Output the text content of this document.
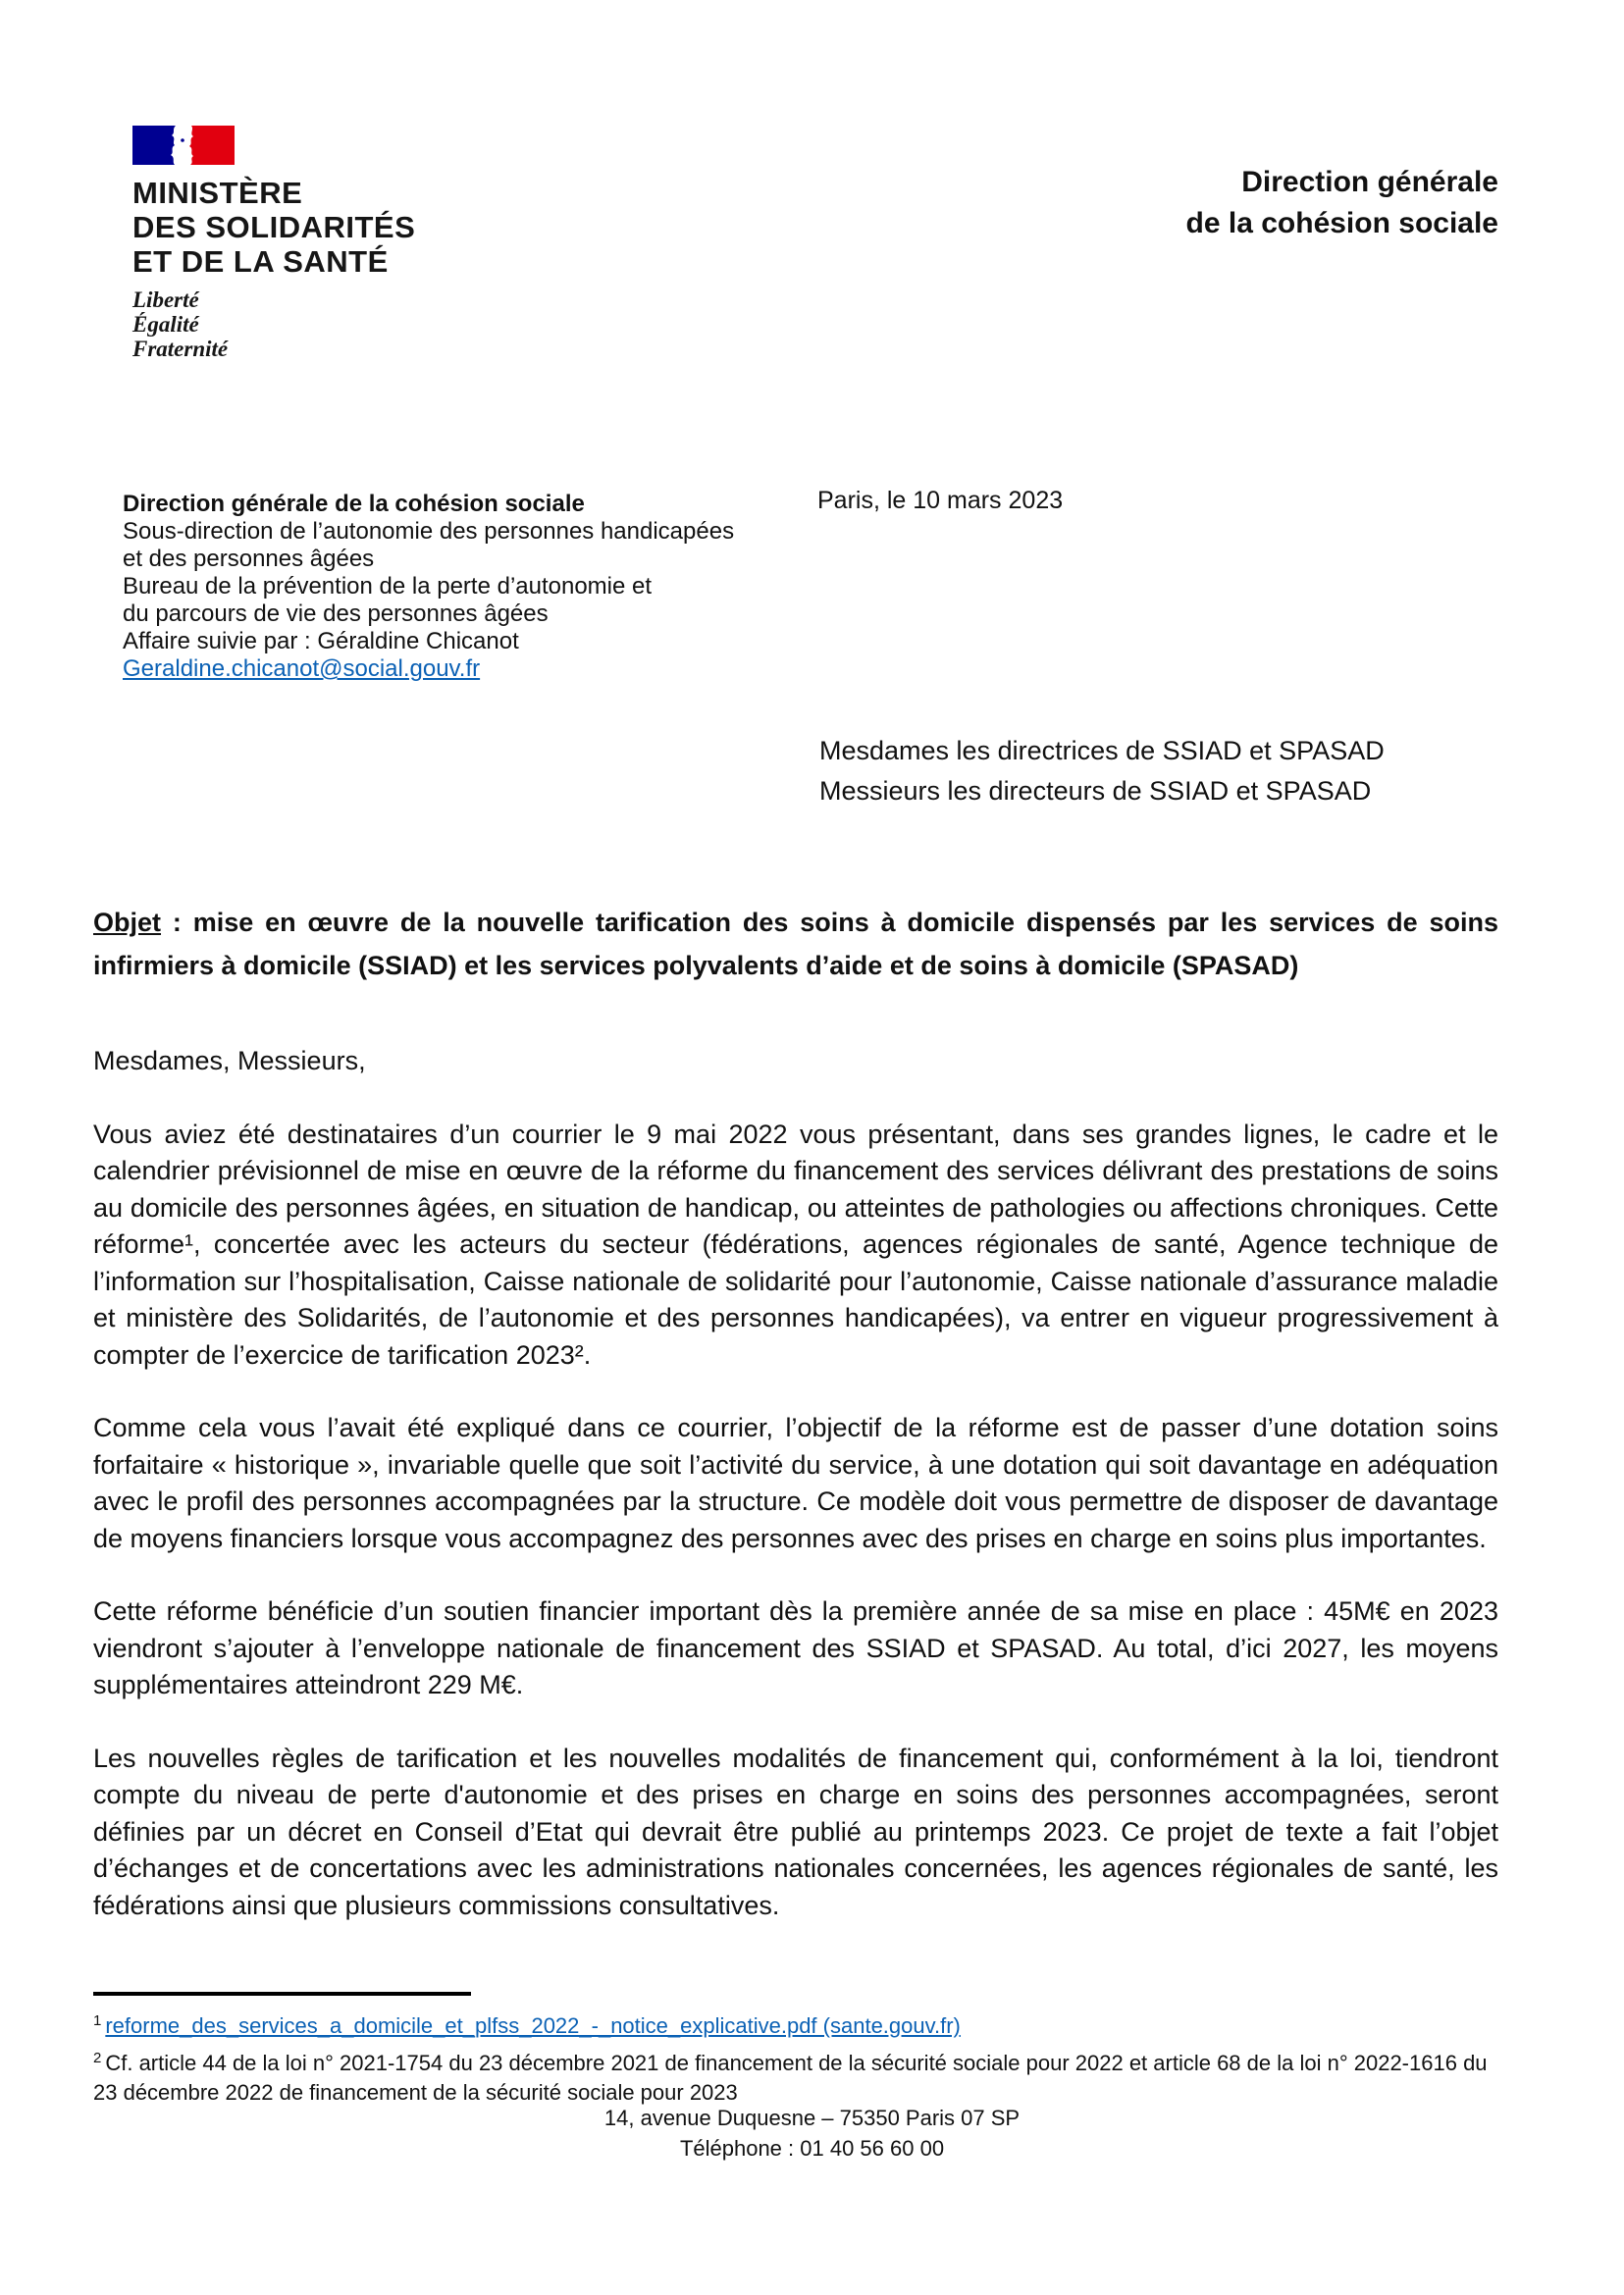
MINISTÈRE
DES SOLIDARITÉS
ET DE LA SANTÉ
Liberté
Égalité
Fraternité
Direction générale
de la cohésion sociale
Direction générale de la cohésion sociale
Sous-direction de l’autonomie des personnes handicapées
et des personnes âgées
Bureau de la prévention de la perte d’autonomie et
du parcours de vie des personnes âgées
Affaire suivie par : Géraldine Chicanot
Geraldine.chicanot@social.gouv.fr
Paris, le 10 mars 2023
Mesdames les directrices de SSIAD et SPASAD
Messieurs les directeurs de SSIAD et SPASAD
Objet : mise en œuvre de la nouvelle tarification des soins à domicile dispensés par les services de soins infirmiers à domicile (SSIAD) et les services polyvalents d’aide et de soins à domicile (SPASAD)

Mesdames, Messieurs,

Vous aviez été destinataires d’un courrier le 9 mai 2022 vous présentant, dans ses grandes lignes, le cadre et le calendrier prévisionnel de mise en œuvre de la réforme du financement des services délivrant des prestations de soins au domicile des personnes âgées, en situation de handicap, ou atteintes de pathologies ou affections chroniques. Cette réforme¹, concertée avec les acteurs du secteur (fédérations, agences régionales de santé, Agence technique de l’information sur l’hospitalisation, Caisse nationale de solidarité pour l’autonomie, Caisse nationale d’assurance maladie et ministère des Solidarités, de l’autonomie et des personnes handicapées), va entrer en vigueur progressivement à compter de l’exercice de tarification 2023².

Comme cela vous l’avait été expliqué dans ce courrier, l’objectif de la réforme est de passer d’une dotation soins forfaitaire « historique », invariable quelle que soit l’activité du service, à une dotation qui soit davantage en adéquation avec le profil des personnes accompagnées par la structure. Ce modèle doit vous permettre de disposer de davantage de moyens financiers lorsque vous accompagnez des personnes avec des prises en charge en soins plus importantes.

Cette réforme bénéficie d’un soutien financier important dès la première année de sa mise en place : 45M€ en 2023 viendront s’ajouter à l’enveloppe nationale de financement des SSIAD et SPASAD. Au total, d’ici 2027, les moyens supplémentaires atteindront 229 M€.

Les nouvelles règles de tarification et les nouvelles modalités de financement qui, conformément à la loi, tiendront compte du niveau de perte d'autonomie et des prises en charge en soins des personnes accompagnées, seront définies par un décret en Conseil d’Etat qui devrait être publié au printemps 2023. Ce projet de texte a fait l’objet d’échanges et de concertations avec les administrations nationales concernées, les agences régionales de santé, les fédérations ainsi que plusieurs commissions consultatives.

$^1$ reforme_des_services_a_domicile_et_plfss_2022_-_notice_explicative.pdf (sante.gouv.fr)
$^2$ Cf. article 44 de la loi n° 2021-1754 du 23 décembre 2021 de financement de la sécurité sociale pour 2022 et article 68 de la loi n° 2022-1616 du 23 décembre 2022 de financement de la sécurité sociale pour 2023
14, avenue Duquesne – 75350 Paris 07 SP
Téléphone : 01 40 56 60 00
